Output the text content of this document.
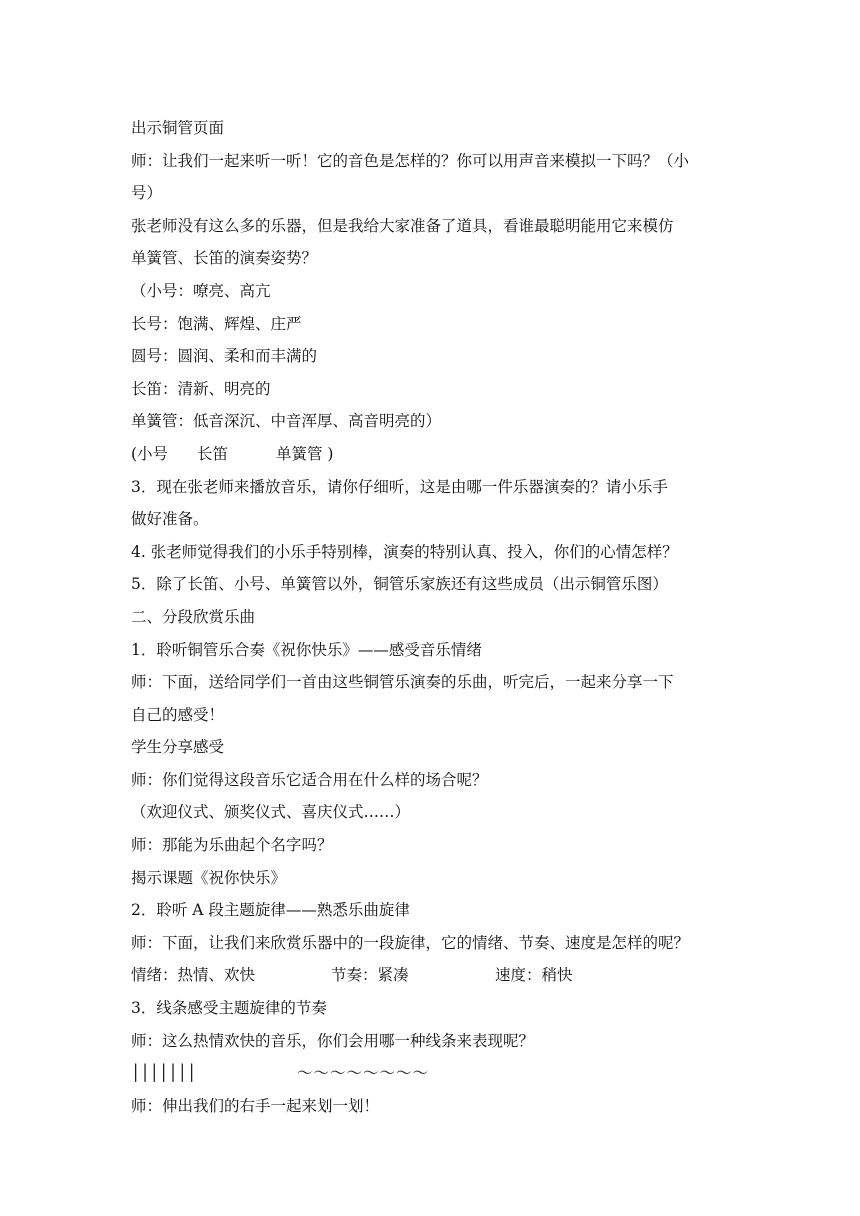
出示铜管页面
师：让我们一起来听一听！它的音色是怎样的？你可以用声音来模拟一下吗？（小
号）
张老师没有这么多的乐器，但是我给大家准备了道具，看谁最聪明能用它来模仿
单簧管、长笛的演奏姿势？
（小号：嘹亮、高亢
长号：饱满、辉煌、庄严
圆号：圆润、柔和而丰满的
长笛：清新、明亮的
单簧管：低音深沉、中音浑厚、高音明亮的）
(小号 长笛	单簧管 )
3．现在张老师来播放音乐，请你仔细听，这是由哪一件乐器演奏的？请小乐手
做好准备。
4. 张老师觉得我们的小乐手特别棒，演奏的特别认真、投入，你们的心情怎样？
5．除了长笛、小号、单簧管以外，铜管乐家族还有这些成员（出示铜管乐图）
二、分段欣赏乐曲
1．聆听铜管乐合奏《祝你快乐》——感受音乐情绪
师：下面，送给同学们一首由这些铜管乐演奏的乐曲，听完后，一起来分享一下
自己的感受！
学生分享感受
师：你们觉得这段音乐它适合用在什么样的场合呢？
（欢迎仪式、颁奖仪式、喜庆仪式……）
师：那能为乐曲起个名字吗？
揭示课题《祝你快乐》
2．聆听 A 段主题旋律——熟悉乐曲旋律
师：下面，让我们来欣赏乐器中的一段旋律，它的情绪、节奏、速度是怎样的呢？
情绪：热情、欢快	节奏：紧凑	速度：稍快
3．线条感受主题旋律的节奏
师：这么热情欢快的音乐，你们会用哪一种线条来表现呢？
│││││││	～～～～～～～～
师：伸出我们的右手一起来划一划！
